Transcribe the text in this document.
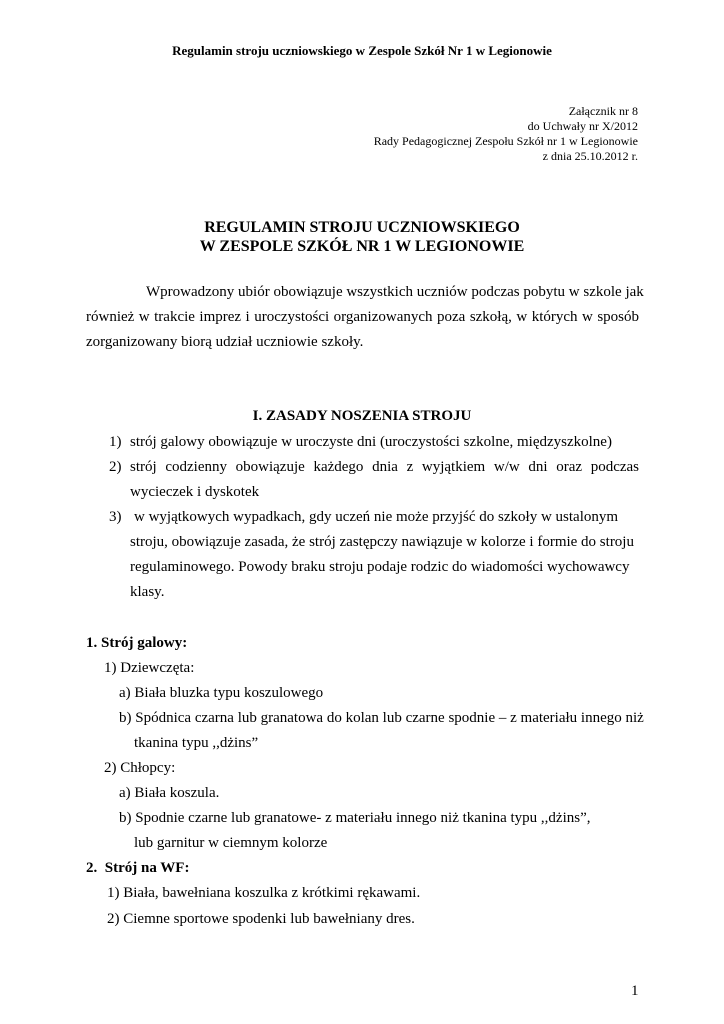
Regulamin stroju uczniowskiego w Zespole Szkół Nr 1 w Legionowie
Załącznik nr 8
do Uchwały nr X/2012
Rady Pedagogicznej Zespołu Szkół nr 1 w Legionowie
z dnia 25.10.2012 r.
REGULAMIN STROJU UCZNIOWSKIEGO
W ZESPOLE SZKÓŁ NR 1 W LEGIONOWIE
Wprowadzony ubiór obowiązuje wszystkich uczniów podczas pobytu w szkole jak
również w trakcie imprez i uroczystości organizowanych poza szkołą, w których w sposób
zorganizowany biorą udział uczniowie szkoły.
I. ZASADY NOSZENIA STROJU
1) strój galowy obowiązuje w uroczyste dni (uroczystości szkolne, międzyszkolne)
2) strój codzienny obowiązuje każdego dnia z wyjątkiem w/w dni oraz podczas
wycieczek i dyskotek
3) w wyjątkowych wypadkach, gdy uczeń nie może przyjść do szkoły w ustalonym
stroju, obowiązuje zasada, że strój zastępczy nawiązuje w kolorze i formie do stroju
regulaminowego. Powody braku stroju podaje rodzic do wiadomości wychowawcy
klasy.
1. Strój galowy:
1) Dziewczęta:
a) Biała bluzka typu koszulowego
b) Spódnica czarna lub granatowa do kolan lub czarne spodnie – z materiału innego niż
tkanina typu ,,dżins”
2) Chłopcy:
a) Biała koszula.
b) Spodnie czarne lub granatowe- z materiału innego niż tkanina typu ,,dżins”,
lub garnitur w ciemnym kolorze
2.  Strój na WF:
1) Biała, bawełniana koszulka z krótkimi rękawami.
2) Ciemne sportowe spodenki lub bawełniany dres.
1
